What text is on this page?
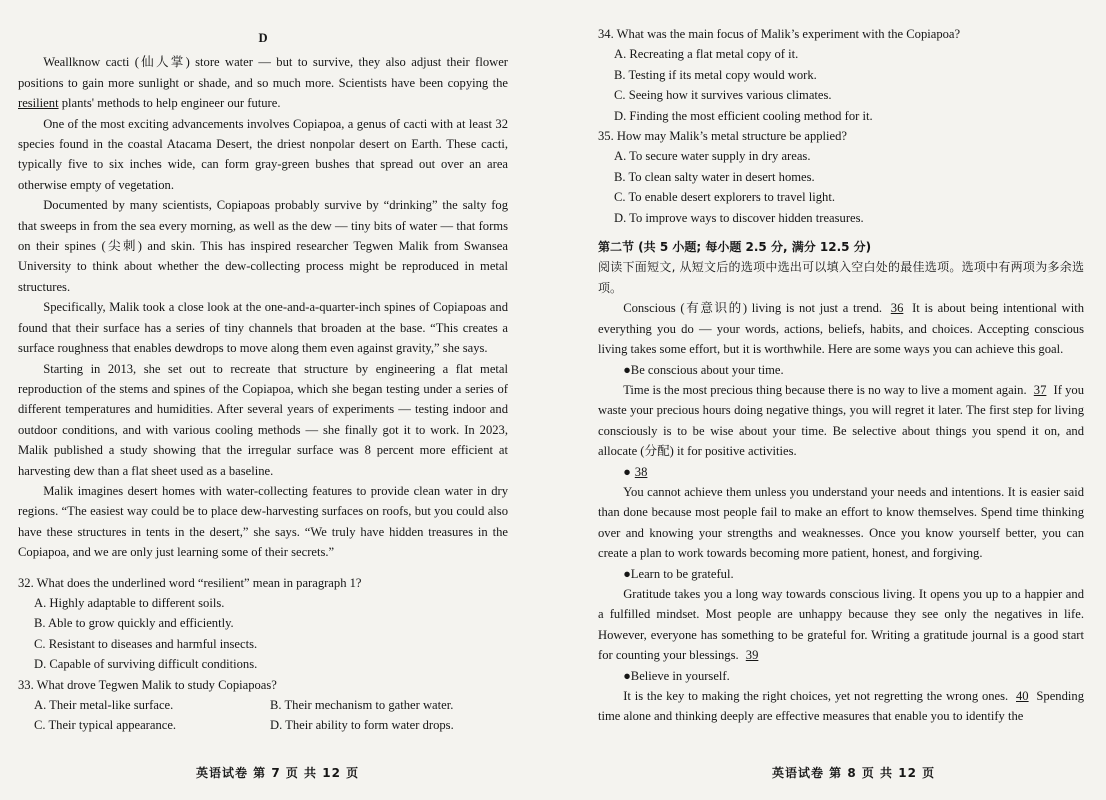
D

Weallknow cacti (仙人掌) store water — but to survive, they also adjust their flower positions to gain more sunlight or shade, and so much more. Scientists have been copying the resilient plants' methods to help engineer our future.

One of the most exciting advancements involves Copiapoa, a genus of cacti with at least 32 species found in the coastal Atacama Desert, the driest nonpolar desert on Earth. These cacti, typically five to six inches wide, can form gray-green bushes that spread out over an area otherwise empty of vegetation.

Documented by many scientists, Copiapoas probably survive by “drinking” the salty fog that sweeps in from the sea every morning, as well as the dew — tiny bits of water — that forms on their spines (尖刺) and skin. This has inspired researcher Tegwen Malik from Swansea University to think about whether the dew-collecting process might be reproduced in metal structures.

Specifically, Malik took a close look at the one-and-a-quarter-inch spines of Copiapoas and found that their surface has a series of tiny channels that broaden at the base. “This creates a surface roughness that enables dewdrops to move along them even against gravity,” she says.

Starting in 2013, she set out to recreate that structure by engineering a flat metal reproduction of the stems and spines of the Copiapoa, which she began testing under a series of different temperatures and humidities. After several years of experiments — testing indoor and outdoor conditions, and with various cooling methods — she finally got it to work. In 2023, Malik published a study showing that the irregular surface was 8 percent more efficient at harvesting dew than a flat sheet used as a baseline.

Malik imagines desert homes with water-collecting features to provide clean water in dry regions. “The easiest way could be to place dew-harvesting surfaces on roofs, but you could also have these structures in tents in the desert,” she says. “We truly have hidden treasures in the Copiapoa, and we are only just learning some of their secrets.”

32. What does the underlined word “resilient” mean in paragraph 1?

A. Highly adaptable to different soils.

B. Able to grow quickly and efficiently.

C. Resistant to diseases and harmful insects.

D. Capable of surviving difficult conditions.

33. What drove Tegwen Malik to study Copiapoas?

A. Their metal-like surface.	B. Their mechanism to gather water.
C. Their typical appearance.	D. Their ability to form water drops.
英语试卷 第 7 页 共 12 页

34. What was the main focus of Malik’s experiment with the Copiapoa?

A. Recreating a flat metal copy of it.

B. Testing if its metal copy would work.

C. Seeing how it survives various climates.

D. Finding the most efficient cooling method for it.

35. How may Malik’s metal structure be applied?

A. To secure water supply in dry areas.

B. To clean salty water in desert homes.

C. To enable desert explorers to travel light.

D. To improve ways to discover hidden treasures.

第二节 (共 5 小题; 每小题 2.5 分, 满分 12.5 分)

阅读下面短文, 从短文后的选项中选出可以填入空白处的最佳选项。选项中有两项为多余选项。

Conscious (有意识的) living is not just a trend. 36 It is about being intentional with everything you do — your words, actions, beliefs, habits, and choices. Accepting conscious living takes some effort, but it is worthwhile. Here are some ways you can achieve this goal.

●Be conscious about your time.

Time is the most precious thing because there is no way to live a moment again. 37 If you waste your precious hours doing negative things, you will regret it later. The first step for living consciously is to be wise about your time. Be selective about things you spend it on, and allocate (分配) it for positive activities.

● 38

You cannot achieve them unless you understand your needs and intentions. It is easier said than done because most people fail to make an effort to know themselves. Spend time thinking over and knowing your strengths and weaknesses. Once you know yourself better, you can create a plan to work towards becoming more patient, honest, and forgiving.

●Learn to be grateful.

Gratitude takes you a long way towards conscious living. It opens you up to a happier and a fulfilled mindset. Most people are unhappy because they see only the negatives in life. However, everyone has something to be grateful for. Writing a gratitude journal is a good start for counting your blessings. 39

●Believe in yourself.

It is the key to making the right choices, yet not regretting the wrong ones. 40 Spending time alone and thinking deeply are effective measures that enable you to identify the

英语试卷 第 8 页 共 12 页
